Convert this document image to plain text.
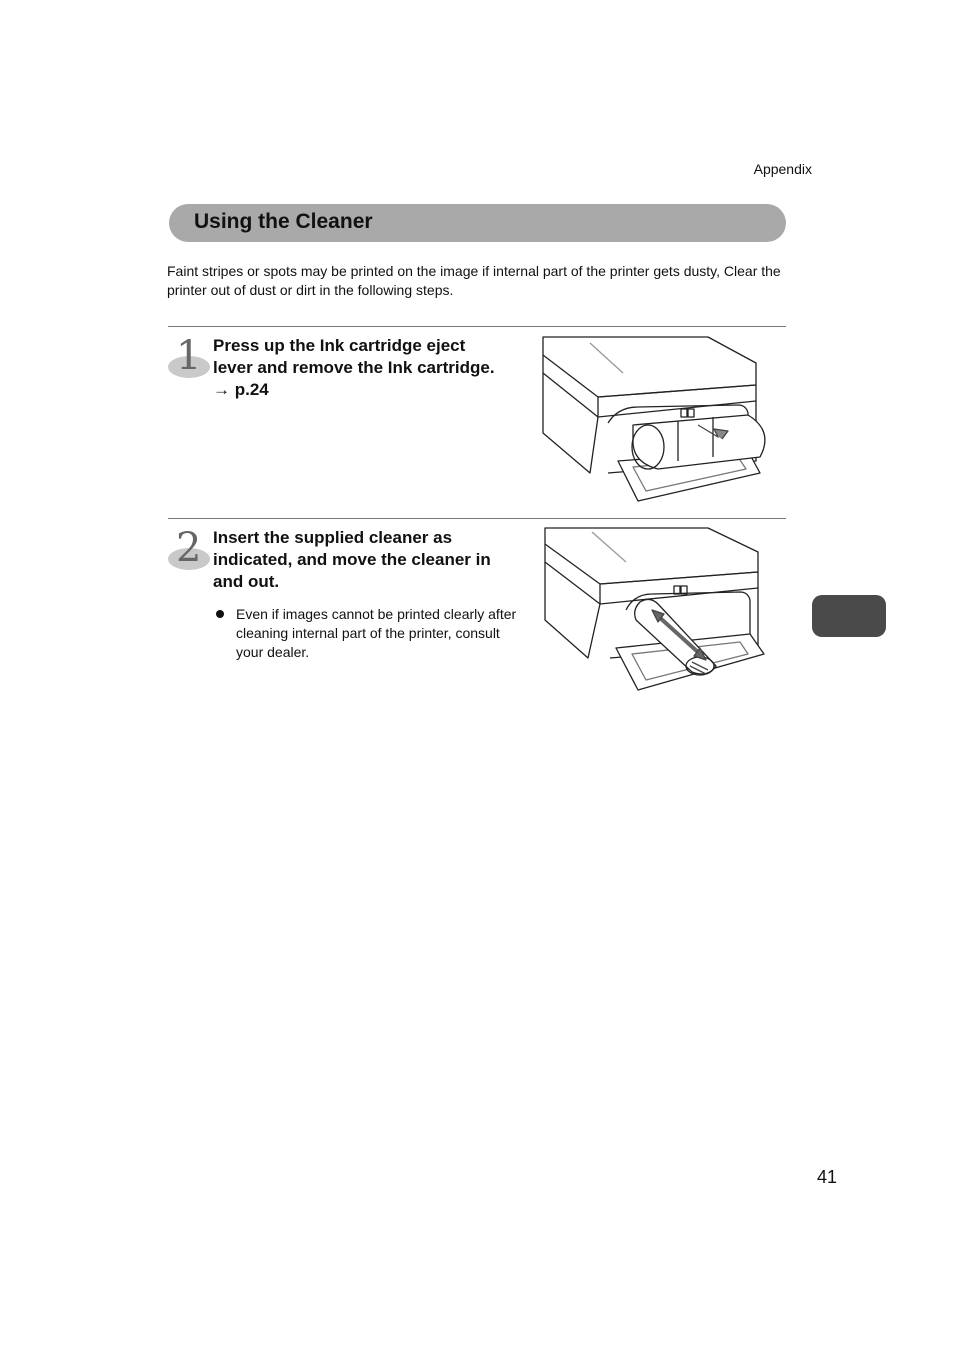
Appendix
Using the Cleaner
Faint stripes or spots may be printed on the image if internal part of the printer gets dusty, Clear the printer out of dust or dirt in the following steps.
1 Press up the Ink cartridge eject
lever and remove the Ink cartridge.
→ p.24
2 Insert the supplied cleaner as
indicated, and move the cleaner in
and out.
Even if images cannot be printed clearly after cleaning internal part of the printer, consult your dealer.
41
